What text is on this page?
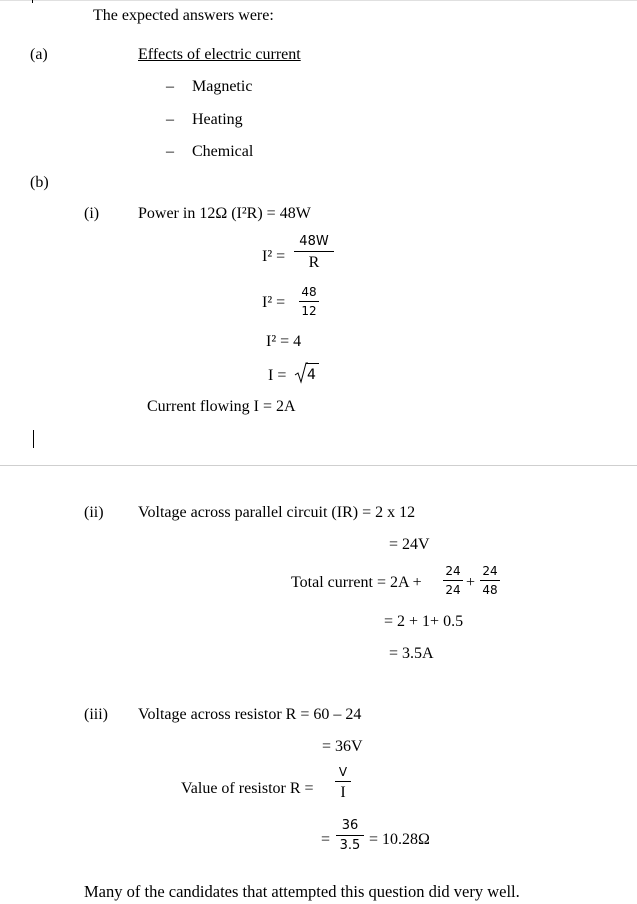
The expected answers were:
(a)	Effects of electric current
– Magnetic
– Heating
– Chemical
(b)
(i) Power in 12Ω (I²R) = 48W
I² =
48W
R
I² =
48
12
I² = 4
I = 4
Current flowing I = 2A
(ii) Voltage across parallel circuit (IR) = 2 x 12
= 24V
Total current = 2A +
24
24 +
24
48
= 2 + 1+ 0.5
= 3.5A
(iii) Voltage across resistor R = 60 – 24
= 36V
Value of resistor R =
V
I
=
36
3.5 = 10.28Ω
Many of the candidates that attempted this question did very well.
